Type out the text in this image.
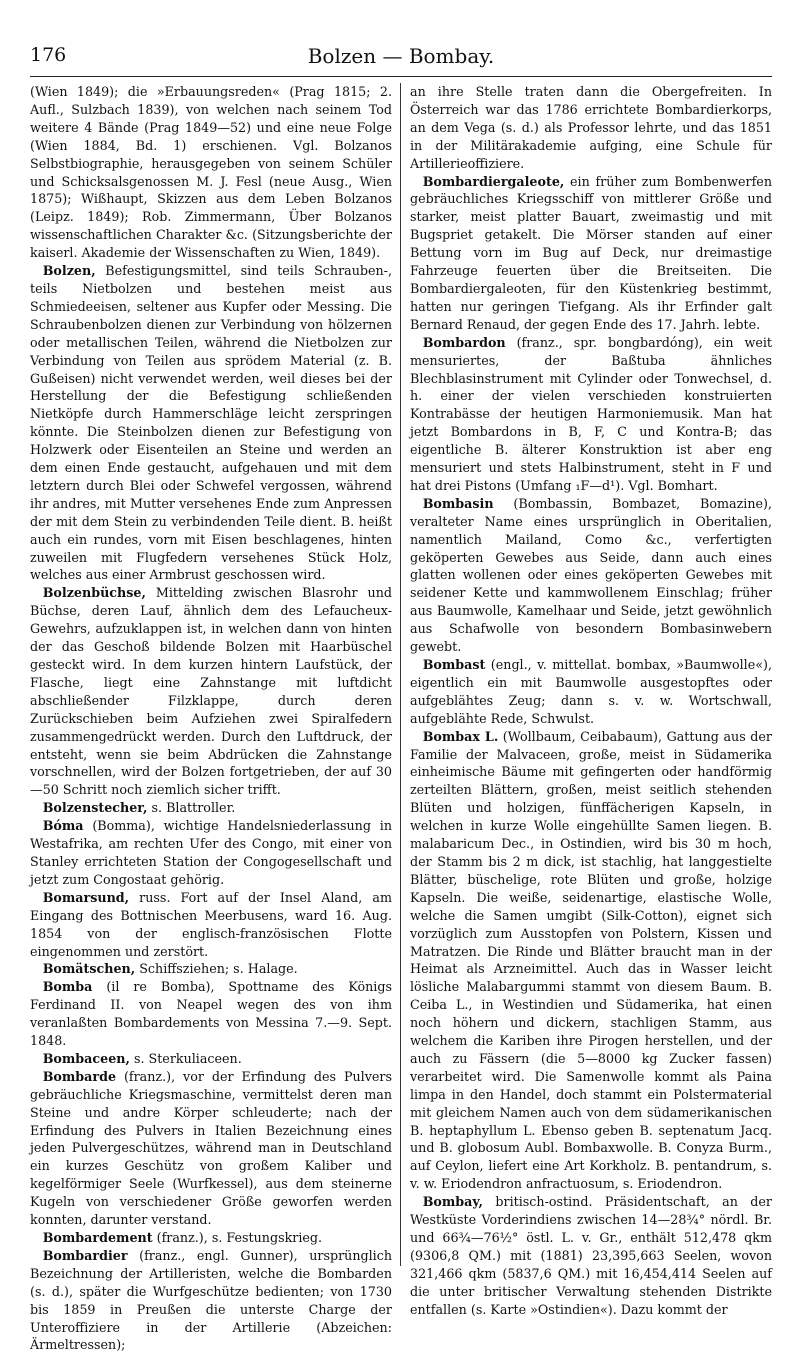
176	Bolzen — Bombay.

(Wien 1849); die »Erbauungsreden« (Prag 1815; 2. Aufl., Sulzbach 1839), von welchen nach seinem Tod weitere 4 Bände (Prag 1849—52) und eine neue Folge (Wien 1884, Bd. 1) erschienen. Vgl. Bolzanos Selbstbiographie, herausgegeben von seinem Schüler und Schicksalsgenossen M. J. Fesl (neue Ausg., Wien 1875); Wißhaupt, Skizzen aus dem Leben Bolzanos (Leipz. 1849); Rob. Zimmermann, Über Bolzanos wissenschaftlichen Charakter &c. (Sitzungsberichte der kaiserl. Akademie der Wissenschaften zu Wien, 1849).

Bolzen, Befestigungsmittel, sind teils Schrauben-, teils Nietbolzen und bestehen meist aus Schmiedeeisen, seltener aus Kupfer oder Messing. Die Schraubenbolzen dienen zur Verbindung von hölzernen oder metallischen Teilen, während die Nietbolzen zur Verbindung von Teilen aus sprödem Material (z. B. Gußeisen) nicht verwendet werden, weil dieses bei der Herstellung der die Befestigung schließenden Nietköpfe durch Hammerschläge leicht zerspringen könnte. Die Steinbolzen dienen zur Befestigung von Holzwerk oder Eisenteilen an Steine und werden an dem einen Ende gestaucht, aufgehauen und mit dem letztern durch Blei oder Schwefel vergossen, während ihr andres, mit Mutter versehenes Ende zum Anpressen der mit dem Stein zu verbindenden Teile dient. B. heißt auch ein rundes, vorn mit Eisen beschlagenes, hinten zuweilen mit Flugfedern versehenes Stück Holz, welches aus einer Armbrust geschossen wird.

Bolzenbüchse, Mittelding zwischen Blasrohr und Büchse, deren Lauf, ähnlich dem des Lefaucheux-Gewehrs, aufzuklappen ist, in welchen dann von hinten der das Geschoß bildende Bolzen mit Haarbüschel gesteckt wird. In dem kurzen hintern Laufstück, der Flasche, liegt eine Zahnstange mit luftdicht abschließender Filzklappe, durch deren Zurückschieben beim Aufziehen zwei Spiralfedern zusammengedrückt werden. Durch den Luftdruck, der entsteht, wenn sie beim Abdrücken die Zahnstange vorschnellen, wird der Bolzen fortgetrieben, der auf 30—50 Schritt noch ziemlich sicher trifft.

Bolzenstecher, s. Blattroller.

Bóma (Bomma), wichtige Handelsniederlassung in Westafrika, am rechten Ufer des Congo, mit einer von Stanley errichteten Station der Congogesellschaft und jetzt zum Congostaat gehörig.

Bomarsund, russ. Fort auf der Insel Aland, am Eingang des Bottnischen Meerbusens, ward 16. Aug. 1854 von der englisch-französischen Flotte eingenommen und zerstört.

Bomätschen, Schiffsziehen; s. Halage.

Bomba (il re Bomba), Spottname des Königs Ferdinand II. von Neapel wegen des von ihm veranlaßten Bombardements von Messina 7.—9. Sept. 1848.

Bombaceen, s. Sterkuliaceen.

Bombarde (franz.), vor der Erfindung des Pulvers gebräuchliche Kriegsmaschine, vermittelst deren man Steine und andre Körper schleuderte; nach der Erfindung des Pulvers in Italien Bezeichnung eines jeden Pulvergeschützes, während man in Deutschland ein kurzes Geschütz von großem Kaliber und kegelförmiger Seele (Wurfkessel), aus dem steinerne Kugeln von verschiedener Größe geworfen werden konnten, darunter verstand.

Bombardement (franz.), s. Festungskrieg.

Bombardier (franz., engl. Gunner), ursprünglich Bezeichnung der Artilleristen, welche die Bombarden (s. d.), später die Wurfgeschütze bedienten; von 1730 bis 1859 in Preußen die unterste Charge der Unteroffiziere in der Artillerie (Abzeichen: Ärmeltressen);

an ihre Stelle traten dann die Obergefreiten. In Österreich war das 1786 errichtete Bombardierkorps, an dem Vega (s. d.) als Professor lehrte, und das 1851 in der Militärakademie aufging, eine Schule für Artillerieoffiziere.

Bombardiergaleote, ein früher zum Bombenwerfen gebräuchliches Kriegsschiff von mittlerer Größe und starker, meist platter Bauart, zweimastig und mit Bugspriet getakelt. Die Mörser standen auf einer Bettung vorn im Bug auf Deck, nur dreimastige Fahrzeuge feuerten über die Breitseiten. Die Bombardiergaleoten, für den Küstenkrieg bestimmt, hatten nur geringen Tiefgang. Als ihr Erfinder galt Bernard Renaud, der gegen Ende des 17. Jahrh. lebte.

Bombardon (franz., spr. bongbardóng), ein weit mensuriertes, der Baßtuba ähnliches Blechblasinstrument mit Cylinder oder Tonwechsel, d. h. einer der vielen verschieden konstruierten Kontrabässe der heutigen Harmoniemusik. Man hat jetzt Bombardons in B, F, C und Kontra-B; das eigentliche B. älterer Konstruktion ist aber eng mensuriert und stets Halbinstrument, steht in F und hat drei Pistons (Umfang ₁F—d¹). Vgl. Bomhart.

Bombasin (Bombassin, Bombazet, Bomazine), veralteter Name eines ursprünglich in Oberitalien, namentlich Mailand, Como &c., verfertigten geköperten Gewebes aus Seide, dann auch eines glatten wollenen oder eines geköperten Gewebes mit seidener Kette und kammwollenem Einschlag; früher aus Baumwolle, Kamelhaar und Seide, jetzt gewöhnlich aus Schafwolle von besondern Bombasinwebern gewebt.

Bombast (engl., v. mittellat. bombax, »Baumwolle«), eigentlich ein mit Baumwolle ausgestopftes oder aufgeblähtes Zeug; dann s. v. w. Wortschwall, aufgeblähte Rede, Schwulst.

Bombax L. (Wollbaum, Ceibabaum), Gattung aus der Familie der Malvaceen, große, meist in Südamerika einheimische Bäume mit gefingerten oder handförmig zerteilten Blättern, großen, meist seitlich stehenden Blüten und holzigen, fünffächerigen Kapseln, in welchen in kurze Wolle eingehüllte Samen liegen. B. malabaricum Dec., in Ostindien, wird bis 30 m hoch, der Stamm bis 2 m dick, ist stachlig, hat langgestielte Blätter, büschelige, rote Blüten und große, holzige Kapseln. Die weiße, seidenartige, elastische Wolle, welche die Samen umgibt (Silk-Cotton), eignet sich vorzüglich zum Ausstopfen von Polstern, Kissen und Matratzen. Die Rinde und Blätter braucht man in der Heimat als Arzneimittel. Auch das in Wasser leicht lösliche Malabargummi stammt von diesem Baum. B. Ceiba L., in Westindien und Südamerika, hat einen noch höhern und dickern, stachligen Stamm, aus welchem die Kariben ihre Pirogen herstellen, und der auch zu Fässern (die 5—8000 kg Zucker fassen) verarbeitet wird. Die Samenwolle kommt als Paina limpa in den Handel, doch stammt ein Polstermaterial mit gleichem Namen auch von dem südamerikanischen B. heptaphyllum L. Ebenso geben B. septenatum Jacq. und B. globosum Aubl. Bombaxwolle. B. Conyza Burm., auf Ceylon, liefert eine Art Korkholz. B. pentandrum, s. v. w. Eriodendron anfractuosum, s. Eriodendron.

Bombay, britisch-ostind. Präsidentschaft, an der Westküste Vorderindiens zwischen 14—28¾° nördl. Br. und 66¾—76½° östl. L. v. Gr., enthält 512,478 qkm (9306,8 QM.) mit (1881) 23,395,663 Seelen, wovon 321,466 qkm (5837,6 QM.) mit 16,454,414 Seelen auf die unter britischer Verwaltung stehenden Distrikte entfallen (s. Karte »Ostindien«). Dazu kommt der
